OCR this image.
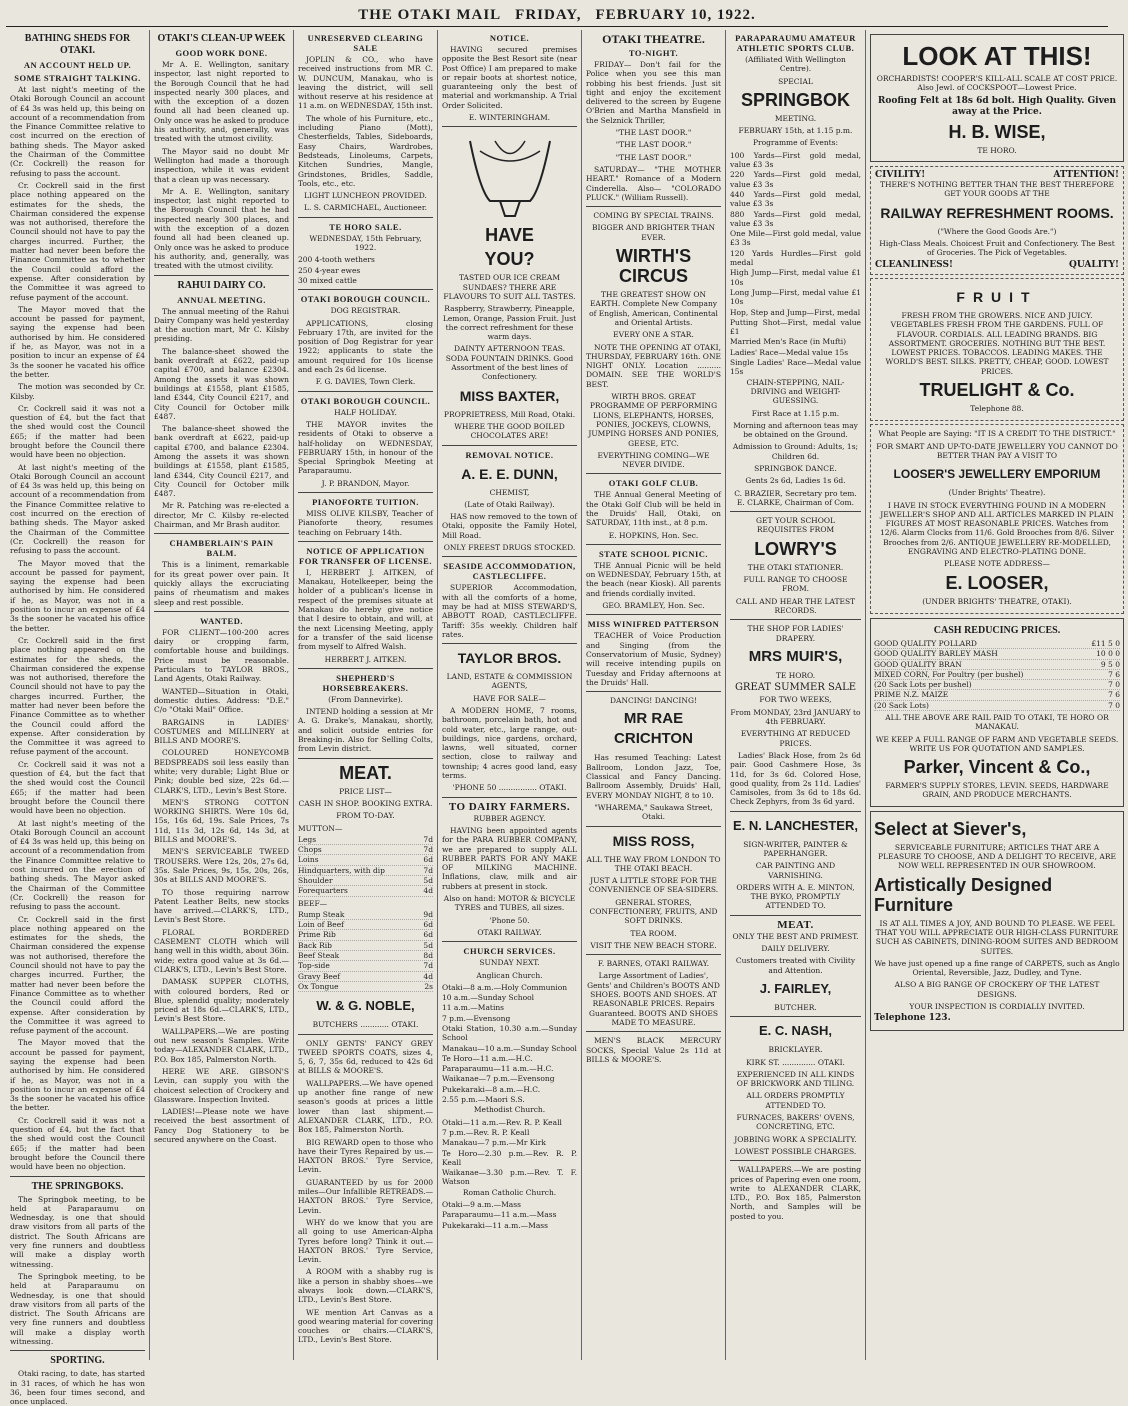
THE OTAKI MAIL FRIDAY, FEBRUARY 10, 1922.
BATHING SHEDS FOR OTAKI.
AN ACCOUNT HELD UP.
SOME STRAIGHT TALKING.

At last night's meeting of the Otaki Borough Council an account of £4 3s was held up, this being on account of a recommendation from the Finance Committee relative to cost incurred on the erection of bathing sheds. The Mayor asked the Chairman of the Committee (Cr. Cockrell) the reason for refusing to pass the account.

Cr. Cockrell said in the first place nothing appeared on the estimates for the sheds, the Chairman considered the expense was not authorised, therefore the Council should not have to pay the charges incurred. Further, the matter had never been before the Finance Committee as to whether the Council could afford the expense. After consideration by the Committee it was agreed to refuse payment of the account.

The Mayor moved that the account be passed for payment, saying the expense had been authorised by him. He considered if he, as Mayor, was not in a position to incur an expense of £4 3s the sooner he vacated his office the better.

The motion was seconded by Cr. Kilsby.

Cr. Cockrell said it was not a question of £4, but the fact that the shed would cost the Council £65; if the matter had been brought before the Council there would have been no objection.

At last night's meeting of the Otaki Borough Council an account of £4 3s was held up, this being on account of a recommendation from the Finance Committee relative to cost incurred on the erection of bathing sheds. The Mayor asked the Chairman of the Committee (Cr. Cockrell) the reason for refusing to pass the account.

The Mayor moved that the account be passed for payment, saying the expense had been authorised by him. He considered if he, as Mayor, was not in a position to incur an expense of £4 3s the sooner he vacated his office the better.

Cr. Cockrell said in the first place nothing appeared on the estimates for the sheds, the Chairman considered the expense was not authorised, therefore the Council should not have to pay the charges incurred. Further, the matter had never been before the Finance Committee as to whether the Council could afford the expense. After consideration by the Committee it was agreed to refuse payment of the account.

Cr. Cockrell said it was not a question of £4, but the fact that the shed would cost the Council £65; if the matter had been brought before the Council there would have been no objection.

At last night's meeting of the Otaki Borough Council an account of £4 3s was held up, this being on account of a recommendation from the Finance Committee relative to cost incurred on the erection of bathing sheds. The Mayor asked the Chairman of the Committee (Cr. Cockrell) the reason for refusing to pass the account.

Cr. Cockrell said in the first place nothing appeared on the estimates for the sheds, the Chairman considered the expense was not authorised, therefore the Council should not have to pay the charges incurred. Further, the matter had never been before the Finance Committee as to whether the Council could afford the expense. After consideration by the Committee it was agreed to refuse payment of the account.

The Mayor moved that the account be passed for payment, saying the expense had been authorised by him. He considered if he, as Mayor, was not in a position to incur an expense of £4 3s the sooner he vacated his office the better.

Cr. Cockrell said it was not a question of £4, but the fact that the shed would cost the Council £65; if the matter had been brought before the Council there would have been no objection.

THE SPRINGBOKS.

The Springbok meeting, to be held at Paraparaumu on Wednesday, is one that should draw visitors from all parts of the district. The South Africans are very fine runners and doubtless will make a display worth witnessing.

The Springbok meeting, to be held at Paraparaumu on Wednesday, is one that should draw visitors from all parts of the district. The South Africans are very fine runners and doubtless will make a display worth witnessing.

SPORTING.

Otaki racing, to date, has started in 31 races, of which he has won 36, been four times second, and once unplaced.

OTAKI'S CLEAN-UP WEEK
GOOD WORK DONE.

Mr A. E. Wellington, sanitary inspector, last night reported to the Borough Council that he had inspected nearly 300 places, and with the exception of a dozen found all had been cleaned up. Only once was he asked to produce his authority, and, generally, was treated with the utmost civility.

The Mayor said no doubt Mr Wellington had made a thorough inspection, while it was evident that a clean up was necessary.

Mr A. E. Wellington, sanitary inspector, last night reported to the Borough Council that he had inspected nearly 300 places, and with the exception of a dozen found all had been cleaned up. Only once was he asked to produce his authority, and, generally, was treated with the utmost civility.

RAHUI DAIRY CO.
ANNUAL MEETING.

The annual meeting of the Rahui Dairy Company was held yesterday at the auction mart, Mr C. Kilsby presiding.

The balance-sheet showed the bank overdraft at £622, paid-up capital £700, and balance £2304. Among the assets it was shown buildings at £1558, plant £1585, land £344, City Council £217, and City Council for October milk £487.

The balance-sheet showed the bank overdraft at £622, paid-up capital £700, and balance £2304. Among the assets it was shown buildings at £1558, plant £1585, land £344, City Council £217, and City Council for October milk £487.

Mr R. Patching was re-elected a director, Mr C. Kilsby re-elected Chairman, and Mr Brash auditor.

CHAMBERLAIN'S PAIN BALM.

This is a liniment, remarkable for its great power over pain. It quickly allays the excruciating pains of rheumatism and makes sleep and rest possible.

WANTED.

FOR CLIENT—100-200 acres dairy or cropping farm, comfortable house and buildings. Price must be reasonable. Particulars to TAYLOR BROS., Land Agents, Otaki Railway.

WANTED—Situation in Otaki, domestic duties. Address: "D.E." C/o "Otaki Mail" Office.

BARGAINS in LADIES' COSTUMES and MILLINERY at BILLS AND MOORE'S.

COLOURED HONEYCOMB BEDSPREADS soil less easily than white; very durable; Light Blue or Pink; double bed size, 22s 6d.—CLARK'S, LTD., Levin's Best Store.

MEN'S STRONG COTTON WORKING SHIRTS. Were 10s 6d, 15s, 16s 6d, 19s. Sale Prices, 7s 11d, 11s 3d, 12s 6d, 14s 3d, at BILLS and MOORE'S.

MEN'S SERVICEABLE TWEED TROUSERS. Were 12s, 20s, 27s 6d, 35s. Sale Prices, 9s, 15s, 20s, 26s, 30s at BILLS AND MOORE'S.

TO those requiring narrow Patent Leather Belts, new stocks have arrived.—CLARK'S, LTD., Levin's Best Store.

FLORAL BORDERED CASEMENT CLOTH which will hang well in this width, about 36in. wide; extra good value at 3s 6d.—CLARK'S, LTD., Levin's Best Store.

DAMASK SUPPER CLOTHS, with coloured borders, Red or Blue, splendid quality; moderately priced at 18s 6d.—CLARK'S, LTD., Levin's Best Store.

WALLPAPERS.—We are posting out new season's Samples. Write today—ALEXANDER CLARK, LTD., P.O. Box 185, Palmerston North.

HERE WE ARE. GIBSON'S Levin, can supply you with the choicest selection of Crockery and Glassware. Inspection Invited.

LADIES!—Please note we have received the best assortment of Fancy Dog Stationery to be secured anywhere on the Coast.

UNRESERVED CLEARING SALE

JOPLIN & CO., who have received instructions from MR C. W. DUNCUM, Manakau, who is leaving the district, will sell without reserve at his residence at 11 a.m. on WEDNESDAY, 15th inst.

The whole of his Furniture, etc., including Piano (Mott), Chesterfields, Tables, Sideboards, Easy Chairs, Wardrobes, Bedsteads, Linoleums, Carpets, Kitchen Sundries, Mangle, Grindstones, Bridles, Saddle, Tools, etc., etc.

LIGHT LUNCHEON PROVIDED.

L. S. CARMICHAEL, Auctioneer.

TE HORO SALE.

WEDNESDAY, 15th February, 1922.

200 4-tooth wethers

250 4-year ewes

30 mixed cattle

OTAKI BOROUGH COUNCIL.

DOG REGISTRAR.

APPLICATIONS, closing February 17th, are invited for the position of Dog Registrar for year 1922; applicants to state the amount required for 10s license and each 2s 6d license.

F. G. DAVIES, Town Clerk.

OTAKI BOROUGH COUNCIL.

HALF HOLIDAY.

THE MAYOR invites the residents of Otaki to observe a half-holiday on WEDNESDAY, FEBRUARY 15th, in honour of the Special Springbok Meeting at Paraparaumu.

J. P. BRANDON, Mayor.

PIANOFORTE TUITION.

MISS OLIVE KILSBY, Teacher of Pianoforte theory, resumes teaching on February 14th.

NOTICE OF APPLICATION FOR TRANSFER OF LICENSE.

I, HERBERT J. AITKEN, of Manakau, Hotelkeeper, being the holder of a publican's license in respect of the premises situate at Manakau do hereby give notice that I desire to obtain, and will, at the next Licensing Meeting, apply for a transfer of the said license from myself to Alfred Walsh.

HERBERT J. AITKEN.

SHEPHERD'S HORSEBREAKERS.

(From Dannevirke).

INTEND holding a session at Mr A. G. Drake's, Manakau, shortly, and solicit outside entries for Breaking-in. Also for Selling Colts, from Levin district.

MEAT.

PRICE LIST—

CASH IN SHOP. BOOKING EXTRA.

FROM TO-DAY.

MUTTON—

Legs	7d
Chops	7d
Loins	6d
Hindquarters, with dip	7d
Shoulder	5d
Forequarters	4d

BEEF—

Rump Steak	9d
Loin of Beef	6d
Prime Rib	6d
Back Rib	5d
Beef Steak	8d
Top-side	7d
Gravy Beef	4d
Ox Tongue	2s
W. & G. NOBLE,

BUTCHERS ............ OTAKI.

ONLY GENTS' FANCY GREY TWEED SPORTS COATS, sizes 4, 5, 6, 7, 35s 6d, reduced to 42s 6d at BILLS & MOORE'S.

WALLPAPERS.—We have opened up another fine range of new season's goods at prices a little lower than last shipment.—ALEXANDER CLARK, LTD., P.O. Box 185, Palmerston North.

BIG REWARD open to those who have their Tyres Repaired by us.—HAXTON BROS.' Tyre Service, Levin.

GUARANTEED by us for 2000 miles—Our Infallible RETREADS.—HAXTON BROS.' Tyre Service, Levin.

WHY do we know that you are all going to use American-Alpha Tyres before long? Think it out.—HAXTON BROS.' Tyre Service, Levin.

A ROOM with a shabby rug is like a person in shabby shoes—we always look down.—CLARK'S, LTD., Levin's Best Store.

WE mention Art Canvas as a good wearing material for covering couches or chairs.—CLARK'S, LTD., Levin's Best Store.

NOTICE.

HAVING secured premises opposite the Best Resort site (near Post Office) I am prepared to make or repair boots at shortest notice, guaranteeing only the best of material and workmanship. A Trial Order Solicited.

E. WINTERINGHAM.

HAVE
YOU?

TASTED OUR ICE CREAM SUNDAES? THERE ARE FLAVOURS TO SUIT ALL TASTES.

Raspberry, Strawberry, Pineapple, Lemon, Orange, Passion Fruit. Just the correct refreshment for these warm days.

DAINTY AFTERNOON TEAS. SODA FOUNTAIN DRINKS. Good Assortment of the best lines of Confectionery.

MISS BAXTER,

PROPRIETRESS, Mill Road, Otaki.

WHERE THE GOOD BOILED CHOCOLATES ARE!

REMOVAL NOTICE.
A. E. E. DUNN,

CHEMIST,

(Late of Otaki Railway).

HAS now removed to the town of Otaki, opposite the Family Hotel, Mill Road.

ONLY FREEST DRUGS STOCKED.

SEASIDE ACCOMMODATION, CASTLECLIFFE.

SUPERIOR Accommodation, with all the comforts of a home, may be had at MISS STEWARD'S, ABBOTT ROAD, CASTLECLIFFE. Tariff: 35s weekly. Children half rates.

TAYLOR BROS.

LAND, ESTATE & COMMISSION AGENTS,

HAVE FOR SALE—

A MODERN HOME, 7 rooms, bathroom, porcelain bath, hot and cold water, etc., large range, out-buildings, nice gardens, orchard, lawns, well situated, corner section, close to railway and township; 4 acres good land, easy terms.

'PHONE 50 ................ OTAKI.

TO DAIRY FARMERS.

RUBBER AGENCY.

HAVING been appointed agents for the PARA RUBBER COMPANY, we are prepared to supply ALL RUBBER PARTS FOR ANY MAKE OF MILKING MACHINE. Inflations, claw, milk and air rubbers at present in stock.

Also on hand: MOTOR & BICYCLE TYRES and TUBES, all sizes.

'Phone 50.

OTAKI RAILWAY.

CHURCH SERVICES.

SUNDAY NEXT.

Anglican Church.

Otaki—8 a.m.—Holy Communion

10 a.m.—Sunday School

11 a.m.—Matins

7 p.m.—Evensong

Otaki Station, 10.30 a.m.—Sunday School

Manakau—10 a.m.—Sunday School

Te Horo—11 a.m.—H.C.

Paraparaumu—11 a.m.—H.C.

Waikanae—7 p.m.—Evensong

Pukekaraki—8 a.m.—H.C.

2.55 p.m.—Maori S.S.

Methodist Church.

Otaki—11 a.m.—Rev. R. P. Keall

7 p.m.—Rev. R. P. Keall

Manakau—7 p.m.—Mr Kirk

Te Horo—2.30 p.m.—Rev. R. P. Keall

Waikanae—3.30 p.m.—Rev. T. F. Watson

Roman Catholic Church.

Otaki—9 a.m.—Mass

Paraparaumu—11 a.m.—Mass

Pukekaraki—11 a.m.—Mass

OTAKI THEATRE.
TO-NIGHT.

FRIDAY— Don't fail for the Police when you see this man robbing his best friends. Just sit tight and enjoy the excitement delivered to the screen by Eugene O'Brien and Martha Mansfield in the Selznick Thriller,

"THE LAST DOOR."

"THE LAST DOOR."

"THE LAST DOOR."

SATURDAY— "THE MOTHER HEART." Romance of a Modern Cinderella. Also— "COLORADO PLUCK." (William Russell).

COMING BY SPECIAL TRAINS.

BIGGER AND BRIGHTER THAN EVER.

WIRTH'S CIRCUS

THE GREATEST SHOW ON EARTH. Complete New Company of English, American, Continental and Oriental Artists.

EVERY ONE A STAR.

NOTE THE OPENING AT OTAKI, THURSDAY, FEBRUARY 16th. ONE NIGHT ONLY. Location .......... DOMAIN. SEE THE WORLD'S BEST.

WIRTH BROS. GREAT PROGRAMME OF PERFORMING LIONS, ELEPHANTS, HORSES, PONIES, JOCKEYS, CLOWNS, JUMPING HORSES AND PONIES, GEESE, ETC.

EVERYTHING COMING—WE NEVER DIVIDE.

OTAKI GOLF CLUB.

THE Annual General Meeting of the Otaki Golf Club will be held in the Druids' Hall, Otaki, on SATURDAY, 11th inst., at 8 p.m.

E. HOPKINS, Hon. Sec.

STATE SCHOOL PICNIC.

THE Annual Picnic will be held on WEDNESDAY, February 15th, at the beach (near Kiosk). All parents and friends cordially invited.

GEO. BRAMLEY, Hon. Sec.

MISS WINIFRED PATTERSON

TEACHER of Voice Production and Singing (from the Conservatorium of Music, Sydney) will receive intending pupils on Tuesday and Friday afternoons at the Druids' Hall.

DANCING! DANCING!

MR RAE CRICHTON

Has resumed Teaching: Latest Ballroom, London Jazz, Toe, Classical and Fancy Dancing. Ballroom Assembly, Druids' Hall, EVERY MONDAY NIGHT, 8 to 10.

"WHAREMA," Saukawa Street, Otaki.

MISS ROSS,

ALL THE WAY FROM LONDON TO THE OTAKI BEACH.

JUST A LITTLE STORE FOR THE CONVENIENCE OF SEA-SIDERS.

GENERAL STORES, CONFECTIONERY, FRUITS, AND SOFT DRINKS.

TEA ROOM.

VISIT THE NEW BEACH STORE.

F. BARNES, OTAKI RAILWAY.

Large Assortment of Ladies', Gents' and Children's BOOTS AND SHOES. BOOTS AND SHOES. AT REASONABLE PRICES. Repairs Guaranteed. BOOTS AND SHOES MADE TO MEASURE.

MEN'S BLACK MERCURY SOCKS, Special Value 2s 11d at BILLS & MOORE'S.

PARAPARAUMU AMATEUR ATHLETIC SPORTS CLUB.

(Affiliated With Wellington Centre).

SPECIAL

SPRINGBOK

MEETING.

FEBRUARY 15th, at 1.15 p.m.

Programme of Events:

100 Yards—First gold medal, value £3 3s

220 Yards—First gold medal, value £3 3s

440 Yards—First gold medal, value £3 3s

880 Yards—First gold medal, value £3 3s

One Mile—First gold medal, value £3 3s

120 Yards Hurdles—First gold medal

High Jump—First, medal value £1 10s

Long Jump—First, medal value £1 10s

Hop, Step and Jump—First, medal

Putting Shot—First, medal value £1

Married Men's Race (in Mufti)

Ladies' Race—Medal value 15s

Single Ladies' Race—Medal value 15s

CHAIN-STEPPING, NAIL-DRIVING and WEIGHT-GUESSING.

First Race at 1.15 p.m.

Morning and afternoon teas may be obtained on the Ground.

Admission to Ground: Adults, 1s; Children 6d.

SPRINGBOK DANCE.

Gents 2s 6d, Ladies 1s 6d.

C. BRAZIER, Secretary pro tem. E. CLARKE, Chairman of Com.

GET YOUR SCHOOL REQUISITES FROM

LOWRY'S

THE OTAKI STATIONER.

FULL RANGE TO CHOOSE FROM.

CALL AND HEAR THE LATEST RECORDS.

THE SHOP FOR LADIES' DRAPERY.

MRS MUIR'S,

TE HORO.

GREAT SUMMER SALE

FOR TWO WEEKS,

From MONDAY, 23rd JANUARY to 4th FEBRUARY.

EVERYTHING AT REDUCED PRICES.

Ladies' Black Hose, from 2s 6d pair. Good Cashmere Hose, 3s 11d, for 3s 6d. Colored Hose, good quality, from 2s 11d. Ladies' Camisoles, from 3s 6d to 18s 6d. Check Zephyrs, from 3s 6d yard.

E. N. LANCHESTER,

SIGN-WRITER, PAINTER & PAPERHANGER.

CAR PAINTING AND VARNISHING.

ORDERS WITH A. E. MINTON, THE BYKO, PROMPTLY ATTENDED TO.

MEAT.

ONLY THE BEST AND PRIMEST.

DAILY DELIVERY.

Customers treated with Civility and Attention.

J. FAIRLEY,

BUTCHER.

E. C. NASH,

BRICKLAYER.

KIRK ST. .............. OTAKI.

EXPERIENCED IN ALL KINDS OF BRICKWORK AND TILING.

ALL ORDERS PROMPTLY ATTENDED TO.

FURNACES, BAKERS' OVENS, CONCRETING, ETC.

JOBBING WORK A SPECIALITY.

LOWEST POSSIBLE CHARGES.

WALLPAPERS.—We are posting prices of Papering even one room, write to ALEXANDER CLARK, LTD., P.O. Box 185, Palmerston North, and Samples will be posted to you.

LOOK AT THIS!

ORCHARDISTS! COOPER'S KILL-ALL SCALE AT COST PRICE. Also Jewl. of COCKSPOOT—Lowest Price.

Roofing Felt at 18s 6d bolt. High Quality. Given away at the Price.

H. B. WISE,

TE HORO.

CIVILITY!	ATTENTION!

THERE'S NOTHING BETTER THAN THE BEST THEREFORE GET YOUR GOODS AT THE

RAILWAY REFRESHMENT ROOMS.

("Where the Good Goods Are.")

High-Class Meals. Choicest Fruit and Confectionery. The Best of Groceries. The Pick of Vegetables.

CLEANLINESS!	QUALITY!
FRUIT

FRESH FROM THE GROWERS. NICE AND JUICY. VEGETABLES FRESH FROM THE GARDENS. FULL OF FLAVOUR. CORDIALS. ALL LEADING BRANDS. BIG ASSORTMENT. GROCERIES. NOTHING BUT THE BEST. LOWEST PRICES. TOBACCOS. LEADING MAKES. THE WORLD'S BEST. SILKS. PRETTY, CHEAP, GOOD. LOWEST PRICES.

TRUELIGHT & Co.

Telephone 88.

What People are Saying: "IT IS A CREDIT TO THE DISTRICT."

FOR SMART AND UP-TO-DATE JEWELLERY YOU CANNOT DO BETTER THAN PAY A VISIT TO

LOOSER'S JEWELLERY EMPORIUM

(Under Brights' Theatre).

I HAVE IN STOCK EVERYTHING FOUND IN A MODERN JEWELLER'S SHOP AND ALL ARTICLES MARKED IN PLAIN FIGURES AT MOST REASONABLE PRICES. Watches from 12/6. Alarm Clocks from 11/6. Gold Brooches from 8/6. Silver Brooches from 2/6. ANTIQUE JEWELLERY RE-MODELLED, ENGRAVING AND ELECTRO-PLATING DONE.

PLEASE NOTE ADDRESS—

E. LOOSER,

(UNDER BRIGHTS' THEATRE, OTAKI).

CASH REDUCING PRICES.
GOOD QUALITY POLLARD	£11 5 0
GOOD QUALITY BARLEY MASH	10 0 0
GOOD QUALITY BRAN	9 5 0
MIXED CORN, For Poultry (per bushel)	7 6
(20 Sack Lots per bushel)	7 0
PRIME N.Z. MAIZE	7 6
(20 Sack Lots)	7 0

ALL THE ABOVE ARE RAIL PAID TO OTAKI, TE HORO OR MANAKAU.

WE KEEP A FULL RANGE OF FARM AND VEGETABLE SEEDS. WRITE US FOR QUOTATION AND SAMPLES.

Parker, Vincent & Co.,

FARMER'S SUPPLY STORES, LEVIN. SEEDS, HARDWARE GRAIN, AND PRODUCE MERCHANTS.

Select at Siever's,

SERVICEABLE FURNITURE; ARTICLES THAT ARE A PLEASURE TO CHOOSE, AND A DELIGHT TO RECEIVE, ARE NOW WELL REPRESENTED IN OUR SHOWROOM.

Artistically Designed Furniture

IS AT ALL TIMES A JOY, AND BOUND TO PLEASE. WE FEEL THAT YOU WILL APPRECIATE OUR HIGH-CLASS FURNITURE SUCH AS CABINETS, DINING-ROOM SUITES AND BEDROOM SUITES.

We have just opened up a fine range of CARPETS, such as Anglo Oriental, Reversible, Jazz, Dudley, and Tyne.

ALSO A BIG RANGE OF CROCKERY OF THE LATEST DESIGNS.

YOUR INSPECTION IS CORDIALLY INVITED.

Telephone 123.
